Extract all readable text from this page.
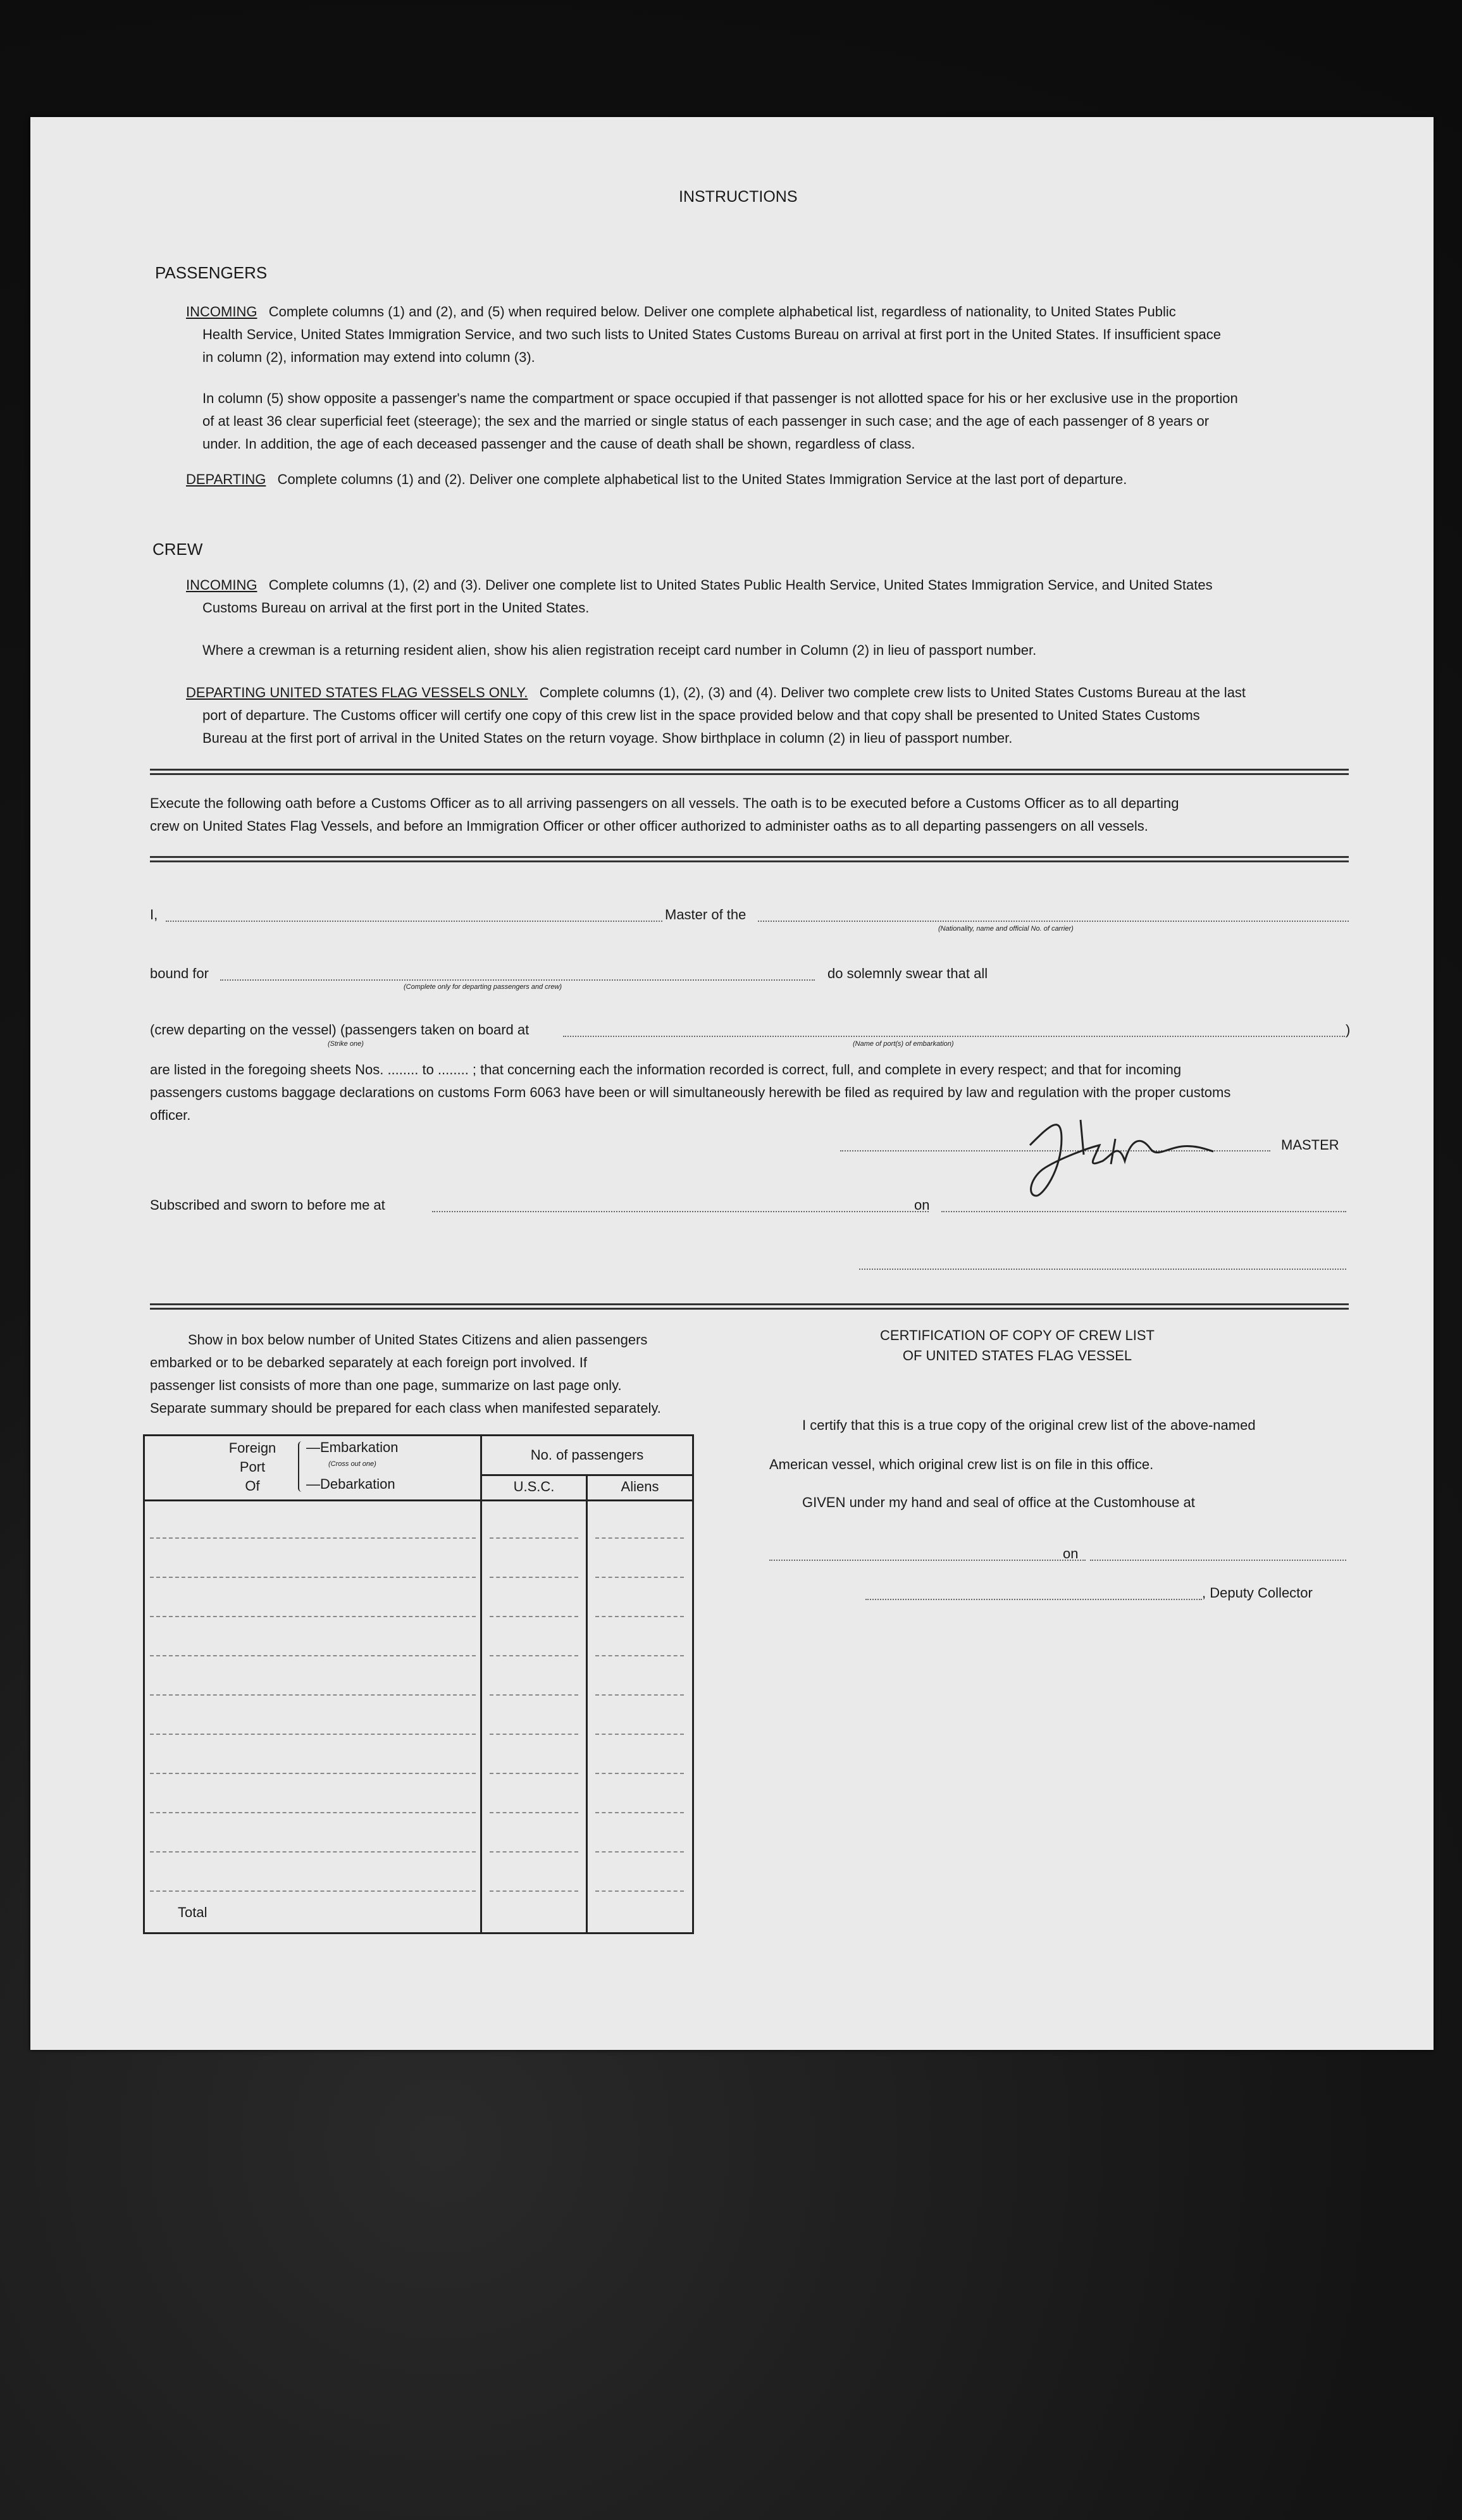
INSTRUCTIONS
PASSENGERS
INCOMING Complete columns (1) and (2), and (5) when required below. Deliver one complete alphabetical list, regardless of nationality, to United States Public
Health Service, United States Immigration Service, and two such lists to United States Customs Bureau on arrival at first port in the United States. If insufficient space
in column (2), information may extend into column (3).
In column (5) show opposite a passenger's name the compartment or space occupied if that passenger is not allotted space for his or her exclusive use in the proportion
of at least 36 clear superficial feet (steerage); the sex and the married or single status of each passenger in such case; and the age of each passenger of 8 years or
under. In addition, the age of each deceased passenger and the cause of death shall be shown, regardless of class.
DEPARTING Complete columns (1) and (2). Deliver one complete alphabetical list to the United States Immigration Service at the last port of departure.
CREW
INCOMING Complete columns (1), (2) and (3). Deliver one complete list to United States Public Health Service, United States Immigration Service, and United States
Customs Bureau on arrival at the first port in the United States.
Where a crewman is a returning resident alien, show his alien registration receipt card number in Column (2) in lieu of passport number.
DEPARTING UNITED STATES FLAG VESSELS ONLY. Complete columns (1), (2), (3) and (4). Deliver two complete crew lists to United States Customs Bureau at the last
port of departure. The Customs officer will certify one copy of this crew list in the space provided below and that copy shall be presented to United States Customs
Bureau at the first port of arrival in the United States on the return voyage. Show birthplace in column (2) in lieu of passport number.
Execute the following oath before a Customs Officer as to all arriving passengers on all vessels. The oath is to be executed before a Customs Officer as to all departing
crew on United States Flag Vessels, and before an Immigration Officer or other officer authorized to administer oaths as to all departing passengers on all vessels.
I,	Master of the
(Nationality, name and official No. of carrier)
bound for
(Complete only for departing passengers and crew)
do solemnly swear that all
(crew departing on the vessel) (passengers taken on board at	)
(Strike one)	(Name of port(s) of embarkation)
are listed in the foregoing sheets Nos. ........ to ........ ; that concerning each the information recorded is correct, full, and complete in every respect; and that for incoming
passengers customs baggage declarations on customs Form 6063 have been or will simultaneously herewith be filed as required by law and regulation with the proper customs
officer.
MASTER
Subscribed and sworn to before me at	on
Show in box below number of United States Citizens and alien passengers
embarked or to be debarked separately at each foreign port involved. If
passenger list consists of more than one page, summarize on last page only.
Separate summary should be prepared for each class when manifested separately.
Foreign
Port
Of
—Embarkation
(Cross out one)
—Debarkation
No. of passengers
U.S.C.	Aliens
Total
CERTIFICATION OF COPY OF CREW LIST
OF UNITED STATES FLAG VESSEL
I certify that this is a true copy of the original crew list of the above-named
American vessel, which original crew list is on file in this office.
GIVEN under my hand and seal of office at the Customhouse at
on
, Deputy Collector
